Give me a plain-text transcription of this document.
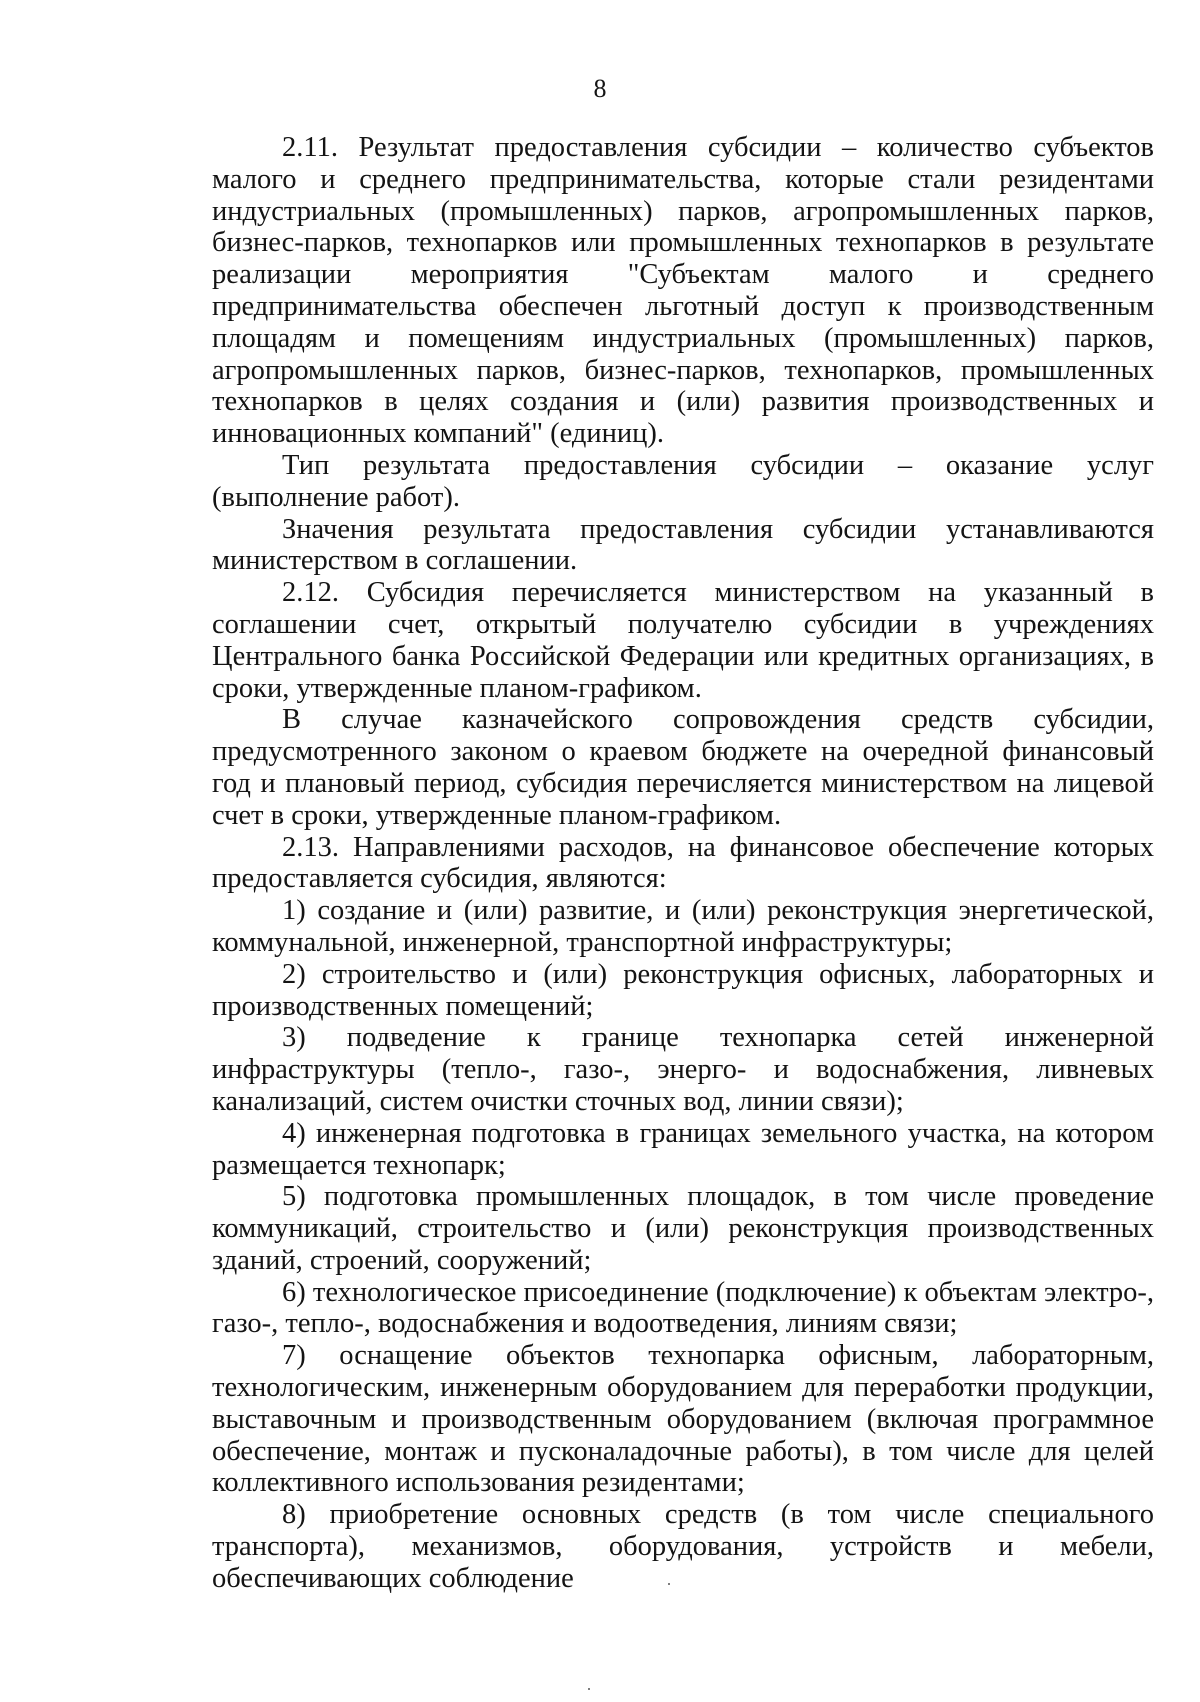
8

2.11. Результат предоставления субсидии – количество субъектов малого и среднего предпринимательства, которые стали резидентами индустриальных (промышленных) парков, агропромышленных парков, бизнес-парков, технопарков или промышленных технопарков в результате реализации мероприятия "Субъектам малого и среднего предпринимательства обеспечен льготный доступ к производственным площадям и помещениям индустриальных (промышленных) парков, агропромышленных парков, бизнес-парков, технопарков, промышленных технопарков в целях создания и (или) развития производственных и инновационных компаний" (единиц).

Тип результата предоставления субсидии – оказание услуг (выполнение работ).

Значения результата предоставления субсидии устанавливаются министерством в соглашении.

2.12. Субсидия перечисляется министерством на указанный в соглашении счет, открытый получателю субсидии в учреждениях Центрального банка Российской Федерации или кредитных организациях, в сроки, утвержденные планом-графиком.

В случае казначейского сопровождения средств субсидии, предусмотренного законом о краевом бюджете на очередной финансовый год и плановый период, субсидия перечисляется министерством на лицевой счет в сроки, утвержденные планом-графиком.

2.13. Направлениями расходов, на финансовое обеспечение которых предоставляется субсидия, являются:

1) создание и (или) развитие, и (или) реконструкция энергетической, коммунальной, инженерной, транспортной инфраструктуры;

2) строительство и (или) реконструкция офисных, лабораторных и производственных помещений;

3) подведение к границе технопарка сетей инженерной инфраструктуры (тепло-, газо-, энерго- и водоснабжения, ливневых канализаций, систем очистки сточных вод, линии связи);

4) инженерная подготовка в границах земельного участка, на котором размещается технопарк;

5) подготовка промышленных площадок, в том числе проведение коммуникаций, строительство и (или) реконструкция производственных зданий, строений, сооружений;

6) технологическое присоединение (подключение) к объектам электро-, газо-, тепло-, водоснабжения и водоотведения, линиям связи;

7) оснащение объектов технопарка офисным, лабораторным, технологическим, инженерным оборудованием для переработки продукции, выставочным и производственным оборудованием (включая программное обеспечение, монтаж и пусконаладочные работы), в том числе для целей коллективного использования резидентами;

8) приобретение основных средств (в том числе специального транспорта), механизмов, оборудования, устройств и мебели, обеспечивающих соблюдение
